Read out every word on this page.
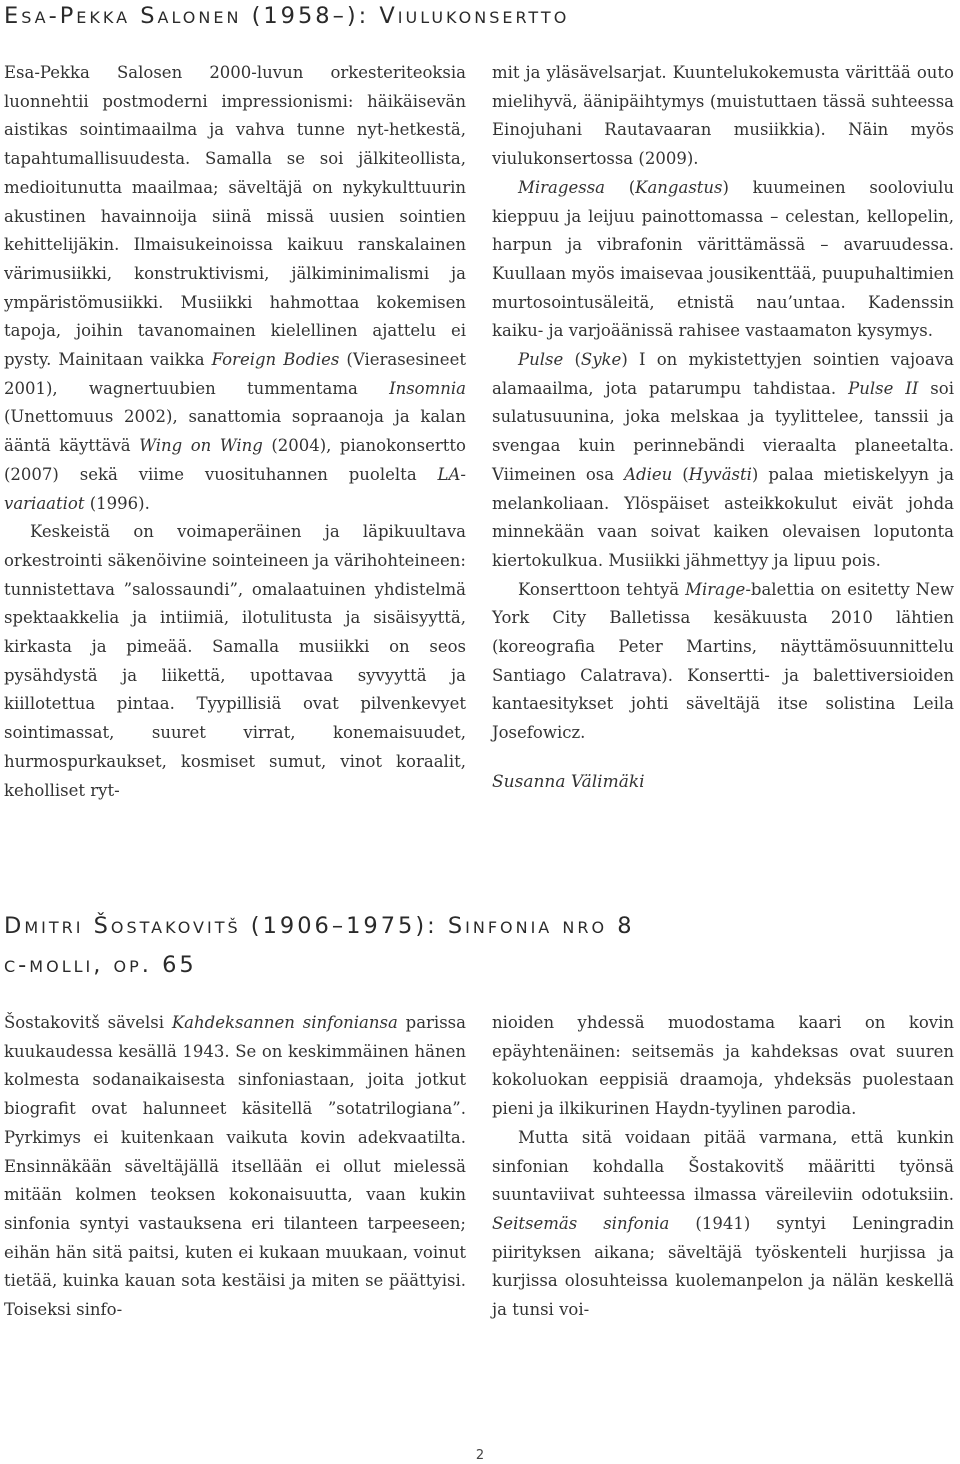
Esa-Pekka Salonen (1958–): Viulukonsertto

Esa-Pekka Salosen 2000-luvun orkesteriteoksia luonnehtii postmoderni impressionismi: häikäisevän aistikas sointimaailma ja vahva tunne nyt-hetkestä, tapahtumallisuudesta. Samalla se soi jälkiteollista, medioitunutta maailmaa; säveltäjä on nykykulttuurin akustinen havainnoija siinä missä uusien sointien kehittelijäkin. Ilmaisukeinoissa kaikuu ranskalainen värimusiikki, konstruktivismi, jälkiminimalismi ja ympäristömusiikki. Musiikki hahmottaa kokemisen tapoja, joihin tavanomainen kielellinen ajattelu ei pysty. Mainitaan vaikka Foreign Bodies (Vierasesineet 2001), wagnertuubien tummentama Insomnia (Unettomuus 2002), sanattomia sopraanoja ja kalan ääntä käyttävä Wing on Wing (2004), pianokonsertto (2007) sekä viime vuosituhannen puolelta LA-variaatiot (1996).

Keskeistä on voimaperäinen ja läpikuultava orkestrointi säkenöivine sointeineen ja värihohteineen: tunnistettava ”salossaundi”, omalaatuinen yhdistelmä spektaakkelia ja intiimiä, ilotulitusta ja sisäisyyttä, kirkasta ja pimeää. Samalla musiikki on seos pysähdystä ja liikettä, upottavaa syvyyttä ja kiillotettua pintaa. Tyypillisiä ovat pilvenkevyet sointimassat, suuret virrat, konemaisuudet, hurmospurkaukset, kosmiset sumut, vinot koraalit, keholliset ryt-

mit ja yläsävelsarjat. Kuuntelukokemusta värittää outo mielihyvä, äänipäihtymys (muistuttaen tässä suhteessa Einojuhani Rautavaaran musiikkia). Näin myös viulukonsertossa (2009).

Miragessa (Kangastus) kuumeinen sooloviulu kieppuu ja leijuu painottomassa – celestan, kellopelin, harpun ja vibrafonin värittämässä – avaruudessa. Kuullaan myös imaisevaa jousikenttää, puupuhaltimien murtosointusäleitä, etnistä nau’untaa. Kadenssin kaiku- ja varjoäänissä rahisee vastaamaton kysymys.

Pulse (Syke) I on mykistettyjen sointien vajoava alamaailma, jota patarumpu tahdistaa. Pulse II soi sulatusuunina, joka melskaa ja tyylittelee, tanssii ja svengaa kuin perinnebändi vieraalta planeetalta. Viimeinen osa Adieu (Hyvästi) palaa mietiskelyyn ja melankoliaan. Ylöspäiset asteikkokulut eivät johda minnekään vaan soivat kaiken olevaisen loputonta kiertokulkua. Musiikki jähmettyy ja lipuu pois.

Konserttoon tehtyä Mirage-balettia on esitetty New York City Balletissa kesäkuusta 2010 lähtien (koreografia Peter Martins, näyttämösuunnittelu Santiago Calatrava). Konsertti- ja balettiversioiden kantaesitykset johti säveltäjä itse solistina Leila Josefowicz.

Susanna Välimäki

Dmitri Šostakovitš (1906–1975): Sinfonia nro 8
c-molli, op. 65

Šostakovitš sävelsi Kahdeksannen sinfoniansa parissa kuukaudessa kesällä 1943. Se on keskimmäinen hänen kolmesta sodanaikaisesta sinfoniastaan, joita jotkut biografit ovat halunneet käsitellä ”sotatrilogiana”. Pyrkimys ei kuitenkaan vaikuta kovin adekvaatilta. Ensinnäkään säveltäjällä itsellään ei ollut mielessä mitään kolmen teoksen kokonaisuutta, vaan kukin sinfonia syntyi vastauksena eri tilanteen tarpeeseen; eihän hän sitä paitsi, kuten ei kukaan muukaan, voinut tietää, kuinka kauan sota kestäisi ja miten se päättyisi. Toiseksi sinfo-

nioiden yhdessä muodostama kaari on kovin epäyhtenäinen: seitsemäs ja kahdeksas ovat suuren kokoluokan eeppisiä draamoja, yhdeksäs puolestaan pieni ja ilkikurinen Haydn-tyylinen parodia.

Mutta sitä voidaan pitää varmana, että kunkin sinfonian kohdalla Šostakovitš määritti työnsä suuntaviivat suhteessa ilmassa väreileviin odotuksiin. Seitsemäs sinfonia (1941) syntyi Leningradin piirityksen aikana; säveltäjä työskenteli hurjissa ja kurjissa olosuhteissa kuolemanpelon ja nälän keskellä ja tunsi voi-

2
